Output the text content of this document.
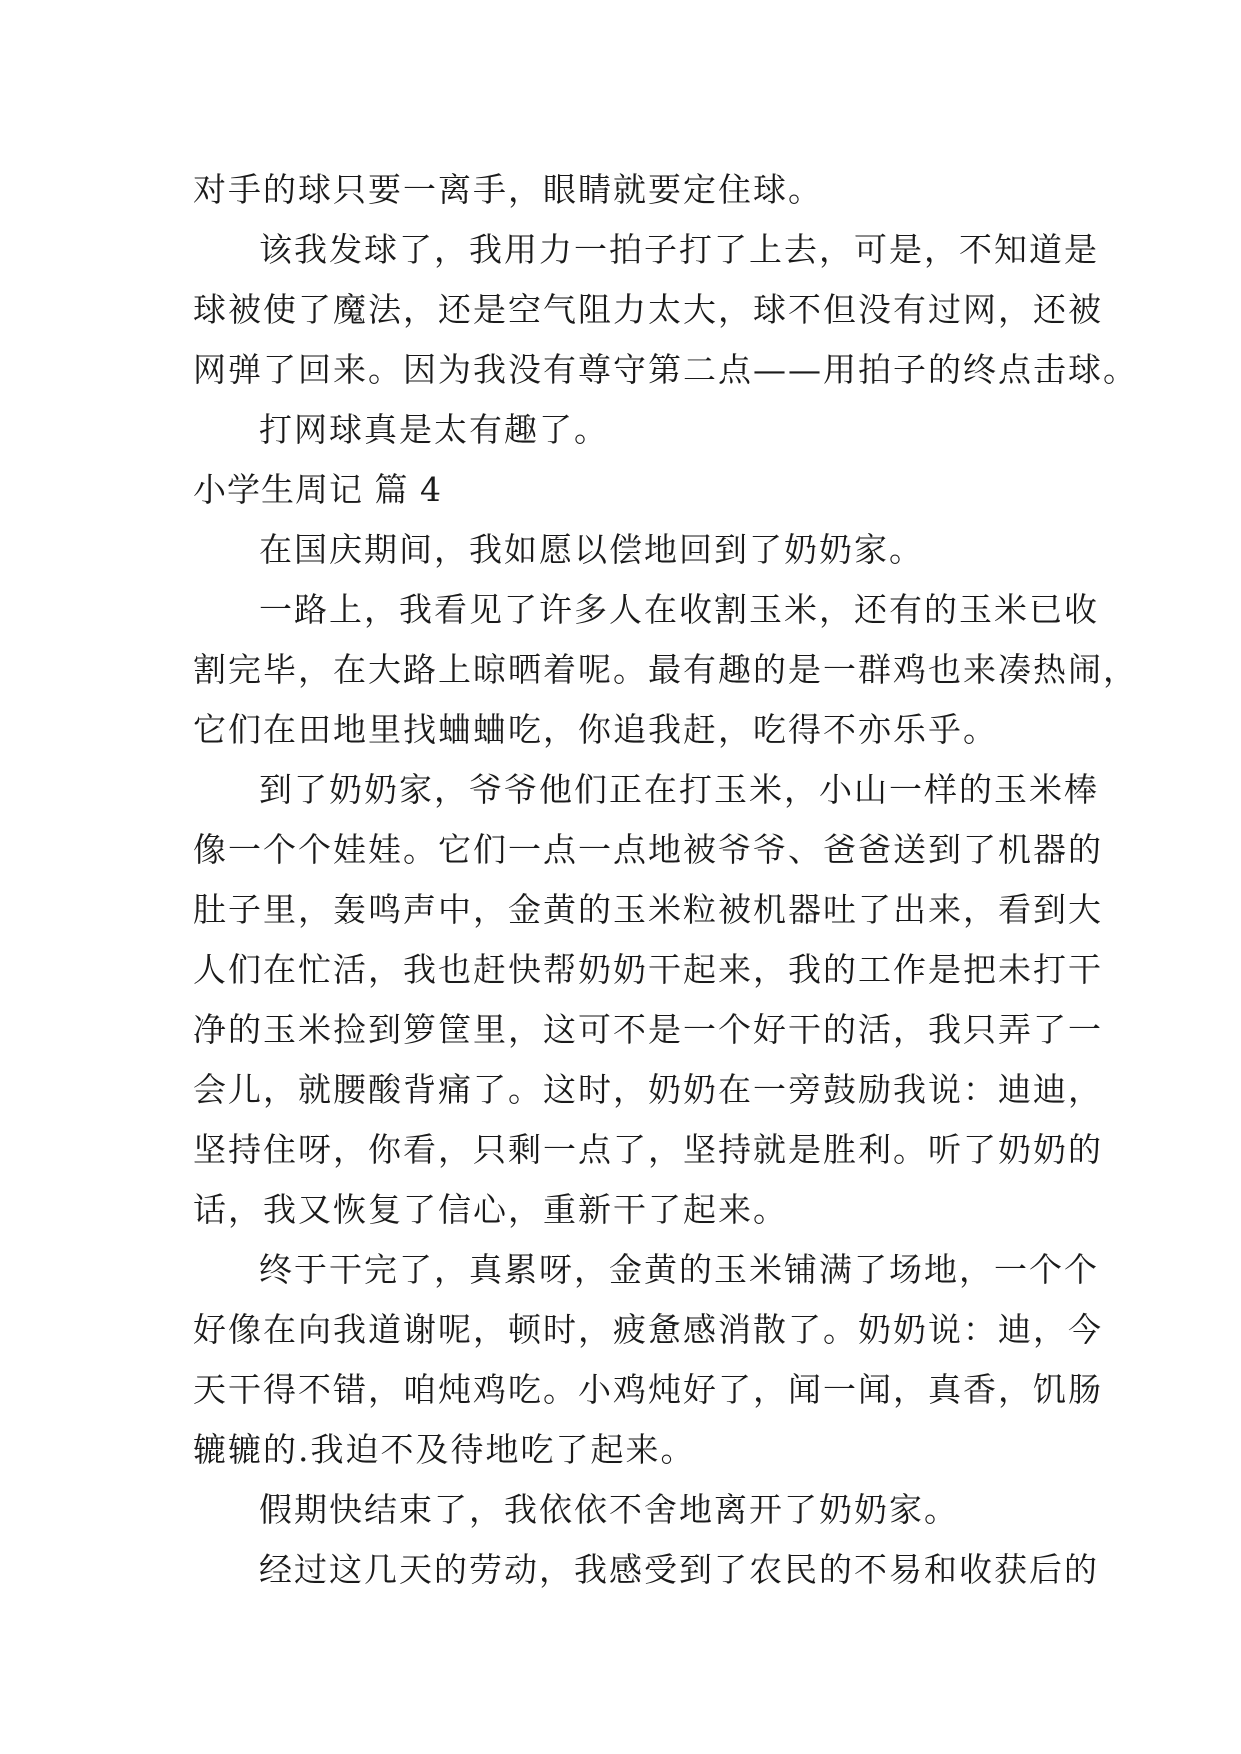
对手的球只要一离手，眼睛就要定住球。
该我发球了，我用力一拍子打了上去，可是，不知道是
球被使了魔法，还是空气阻力太大，球不但没有过网，还被
网弹了回来。因为我没有尊守第二点——用拍子的终点击球。
打网球真是太有趣了。
小学生周记 篇 4
在国庆期间，我如愿以偿地回到了奶奶家。
一路上，我看见了许多人在收割玉米，还有的玉米已收
割完毕，在大路上晾晒着呢。最有趣的是一群鸡也来凑热闹，
它们在田地里找蛐蛐吃，你追我赶，吃得不亦乐乎。
到了奶奶家，爷爷他们正在打玉米，小山一样的玉米棒
像一个个娃娃。它们一点一点地被爷爷、爸爸送到了机器的
肚子里，轰鸣声中，金黄的玉米粒被机器吐了出来，看到大
人们在忙活，我也赶快帮奶奶干起来，我的工作是把未打干
净的玉米捡到箩筐里，这可不是一个好干的活，我只弄了一
会儿，就腰酸背痛了。这时，奶奶在一旁鼓励我说：迪迪，
坚持住呀，你看，只剩一点了，坚持就是胜利。听了奶奶的
话，我又恢复了信心，重新干了起来。
终于干完了，真累呀，金黄的玉米铺满了场地，一个个
好像在向我道谢呢，顿时，疲惫感消散了。奶奶说：迪，今
天干得不错，咱炖鸡吃。小鸡炖好了，闻一闻，真香，饥肠
辘辘的.我迫不及待地吃了起来。
假期快结束了，我依依不舍地离开了奶奶家。
经过这几天的劳动，我感受到了农民的不易和收获后的
